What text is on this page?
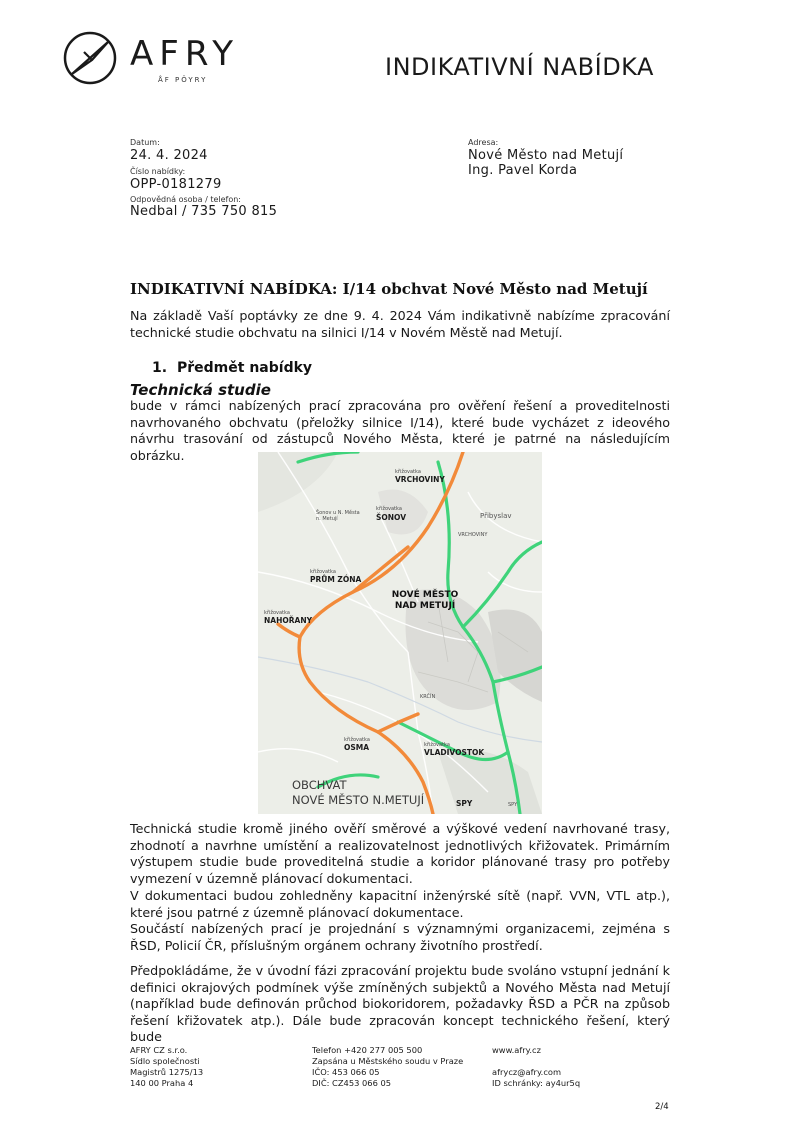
AFRY
ÅF PÖYRY	INDIKATIVNÍ NABÍDKA
Datum:
24. 4. 2024
Číslo nabídky:
OPP-0181279
Odpovědná osoba / telefon:
Nedbal / 735 750 815
Adresa:
Nové Město nad Metují
Ing. Pavel Korda
INDIKATIVNÍ NABÍDKA: I/14 obchvat Nové Město nad Metují

Na základě Vaší poptávky ze dne 9. 4. 2024 Vám indikativně nabízíme zpracování technické studie obchvatu na silnici I/14 v Novém Městě nad Metují.

1. Předmět nabídky
Technická studie

bude v rámci nabízených prací zpracována pro ověření řešení a proveditelnosti navrhovaného obchvatu (přeložky silnice I/14), které bude vycházet z ideového návrhu trasování od zástupců Nového Města, které je patrné na následujícím obrázku.

křižovatka
VRCHOVINY
křižovatka
ŠONOV
Šonov u N. Města n. Metují
křižovatka
PRŮM ZÓNA
křižovatka
NAHOŘANY
NOVÉ MĚSTO NAD METUJÍ
Přibyslav
VRCHOVINY
KRČÍN
křižovatka
OSMA	křižovatka
VLADIVOSTOK
SPY	SPY
OBCHVAT
NOVÉ MĚSTO N.METUJÍ

Technická studie kromě jiného ověří směrové a výškové vedení navrhované trasy, zhodnotí a navrhne umístění a realizovatelnost jednotlivých křižovatek. Primárním výstupem studie bude proveditelná studie a koridor plánované trasy pro potřeby vymezení v územně plánovací dokumentaci.

V dokumentaci budou zohledněny kapacitní inženýrské sítě (např. VVN, VTL atp.), které jsou patrné z územně plánovací dokumentace.

Součástí nabízených prací je projednání s významnými organizacemi, zejména s ŘSD, Policií ČR, příslušným orgánem ochrany životního prostředí.

Předpokládáme, že v úvodní fázi zpracování projektu bude svoláno vstupní jednání k definici okrajových podmínek výše zmíněných subjektů a Nového Města nad Metují (například bude definován průchod biokoridorem, požadavky ŘSD a PČR na způsob řešení křižovatek atp.). Dále bude zpracován koncept technického řešení, který bude

AFRY CZ s.r.o.
Sídlo společnosti
Magistrů 1275/13
140 00 Praha 4
Telefon +420 277 005 500
Zapsána u Městského soudu v Praze
IČO: 453 066 05
DIČ: CZ453 066 05
www.afry.cz
afrycz@afry.com
ID schránky: ay4ur5q
2/4
